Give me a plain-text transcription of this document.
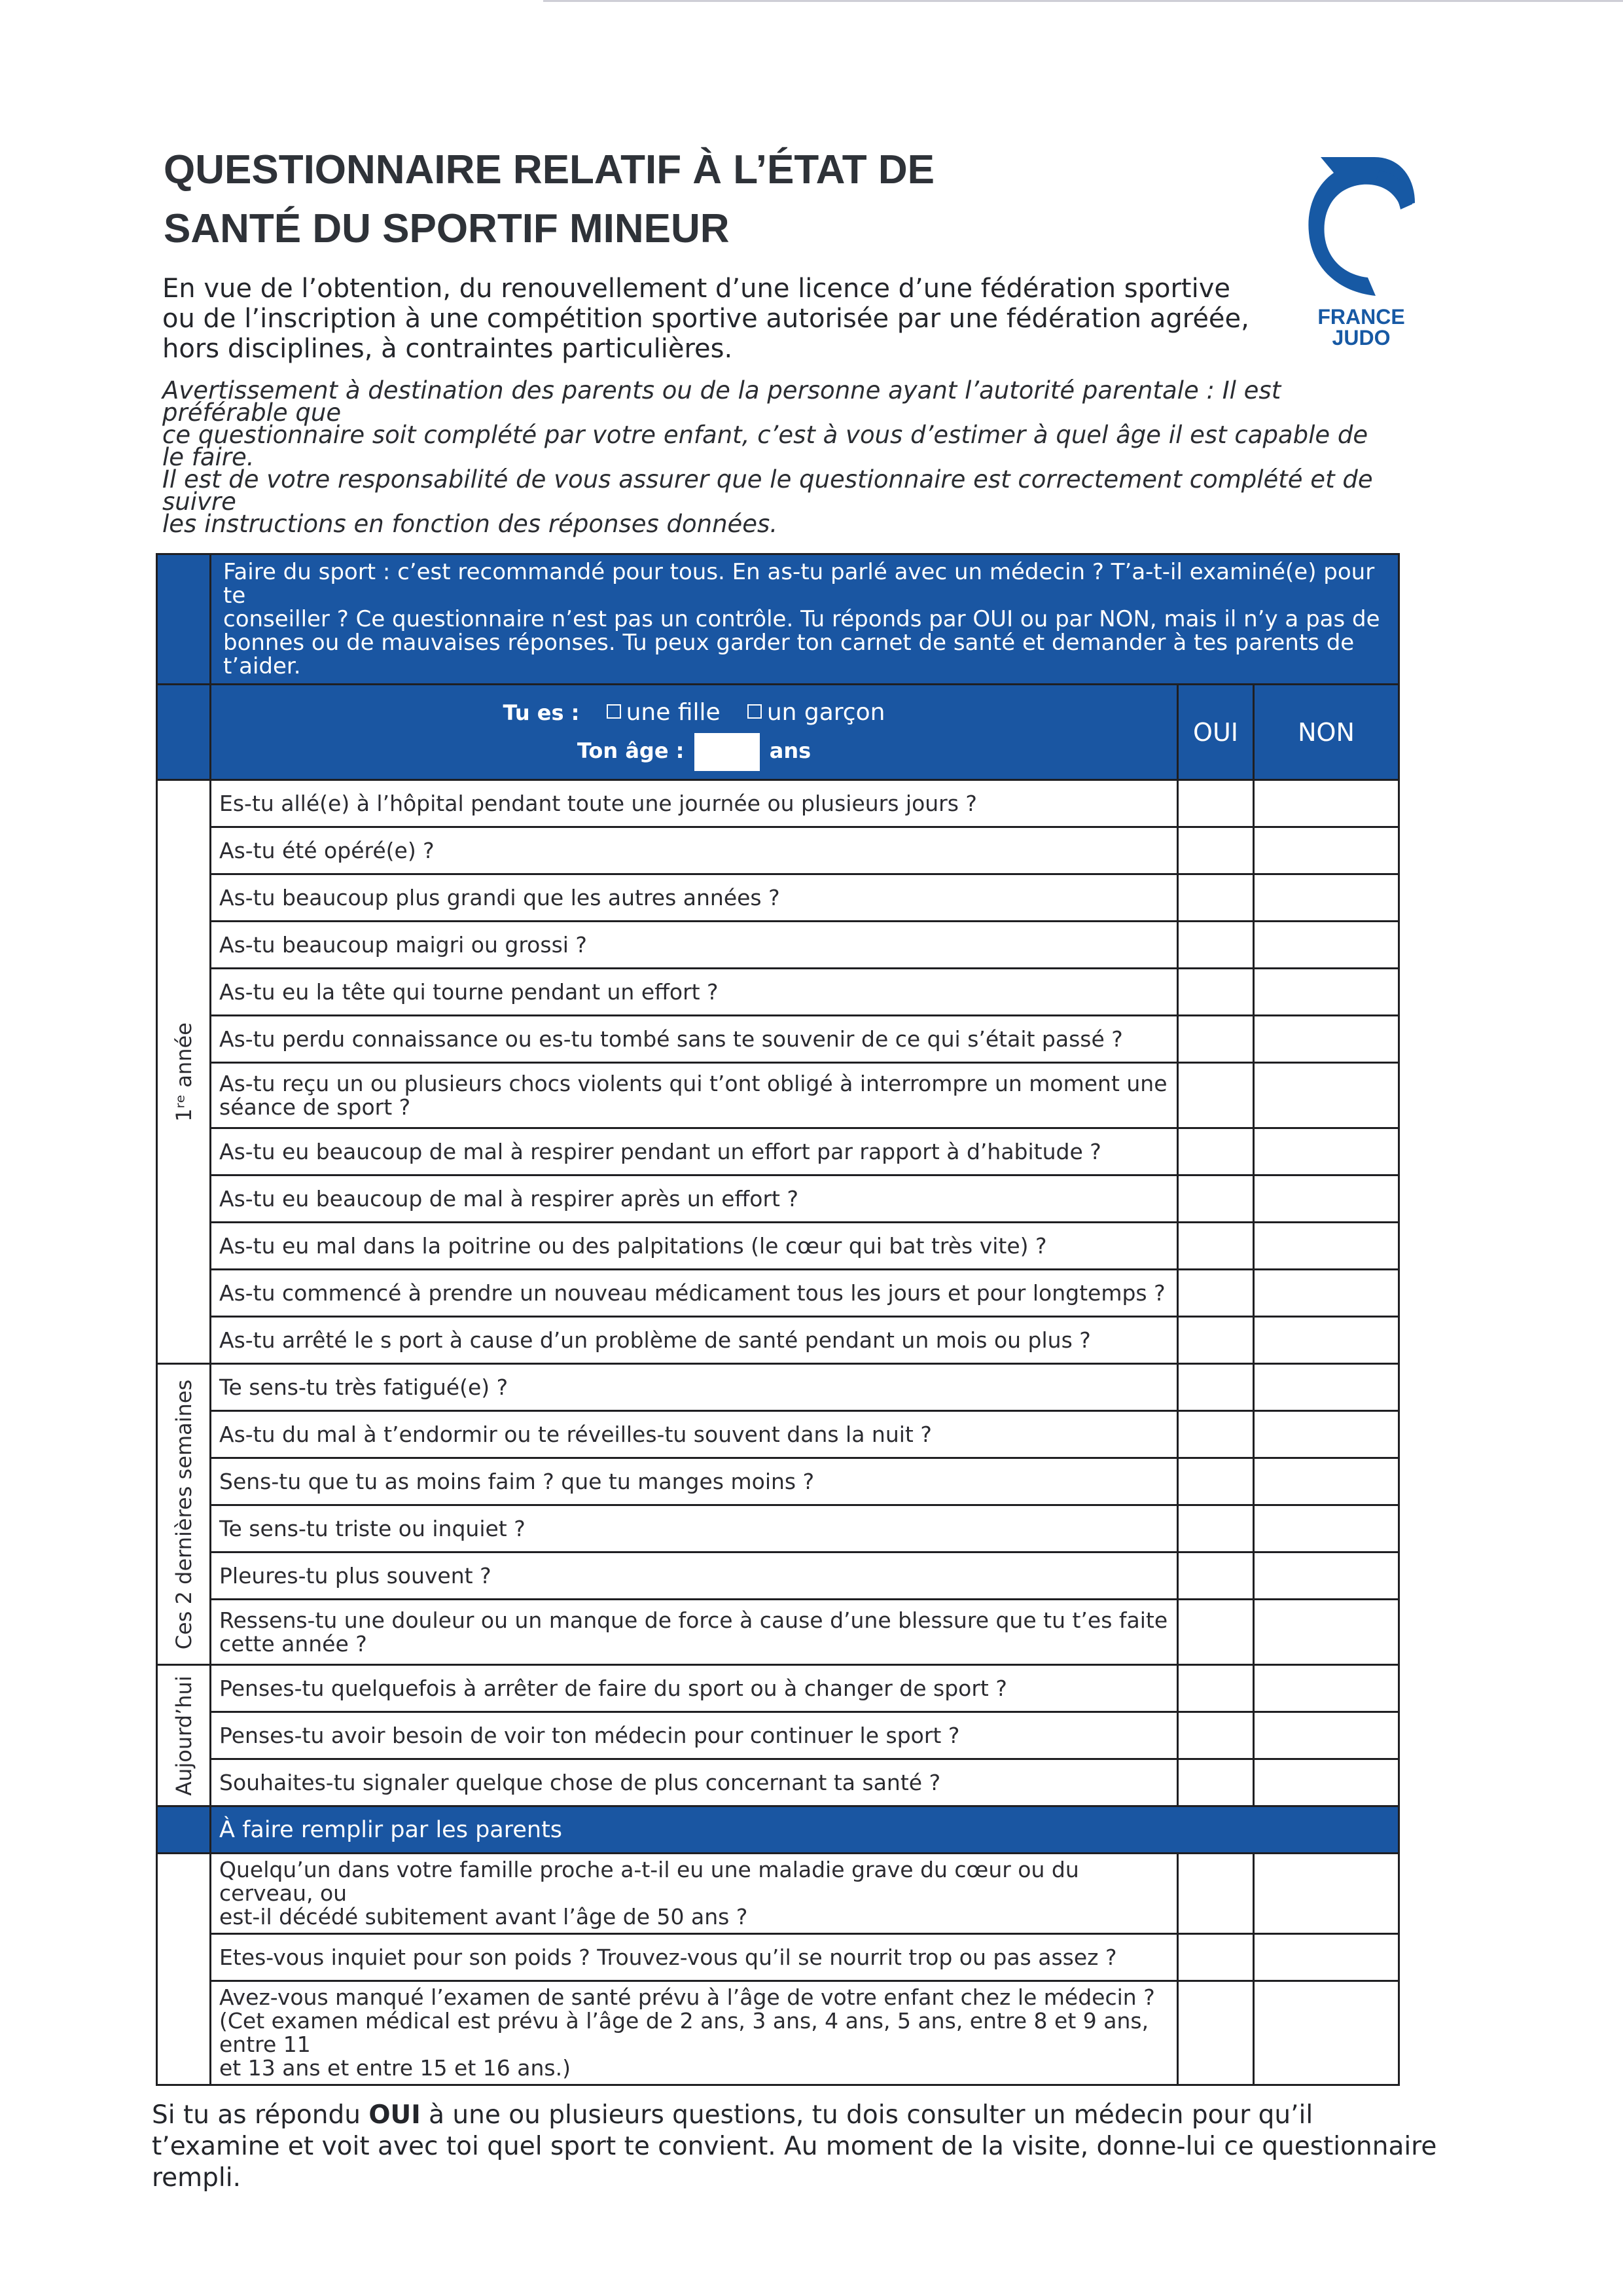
QUESTIONNAIRE RELATIF À L’ÉTAT DE
SANTÉ DU SPORTIF MINEUR
FRANCE
JUDO

En vue de l’obtention, du renouvellement d’une licence d’une fédération sportive
ou de l’inscription à une compétition sportive autorisée par une fédération agréée,
hors disciplines, à contraintes particulières.

Avertissement à destination des parents ou de la personne ayant l’autorité parentale : Il est préférable que
ce questionnaire soit complété par votre enfant, c’est à vous d’estimer à quel âge il est capable de le faire.
Il est de votre responsabilité de vous assurer que le questionnaire est correctement complété et de suivre
les instructions en fonction des réponses données.

	Faire du sport : c’est recommandé pour tous. En as-tu parlé avec un médecin ? T’a-t-il examiné(e) pour te
conseiller ? Ce questionnaire n’est pas un contrôle. Tu réponds par OUI ou par NON, mais il n’y a pas de
bonnes ou de mauvaises réponses. Tu peux garder ton carnet de santé et demander à tes parents de t’aider.		

	Tu es : une fille un garçon
Ton âge : ans	OUI	NON

1ʳᵉ année	Es-tu allé(e) à l’hôpital pendant toute une journée ou plusieurs jours ?		
	As-tu été opéré(e) ?		
	As-tu beaucoup plus grandi que les autres années ?		
	As-tu beaucoup maigri ou grossi ?		
	As-tu eu la tête qui tourne pendant un effort ?		
	As-tu perdu connaissance ou es-tu tombé sans te souvenir de ce qui s’était passé ?		

	As-tu reçu un ou plusieurs chocs violents qui t’ont obligé à interrompre un moment une
séance de sport ?		

	As-tu eu beaucoup de mal à respirer pendant un effort par rapport à d’habitude ?		
	As-tu eu beaucoup de mal à respirer après un effort ?		
	As-tu eu mal dans la poitrine ou des palpitations (le cœur qui bat très vite) ?		
	As-tu commencé à prendre un nouveau médicament tous les jours et pour longtemps ?		
	As-tu arrêté le s port à cause d’un problème de santé pendant un mois ou plus ?		

Ces 2 dernières semaines	Te sens-tu très fatigué(e) ?		
	As-tu du mal à t’endormir ou te réveilles-tu souvent dans la nuit ?		
	Sens-tu que tu as moins faim ? que tu manges moins ?		
	Te sens-tu triste ou inquiet ?		
	Pleures-tu plus souvent ?		

	Ressens-tu une douleur ou un manque de force à cause d’une blessure que tu t’es faite
cette année ?		

Aujourd’hui	Penses-tu quelquefois à arrêter de faire du sport ou à changer de sport ?		
	Penses-tu avoir besoin de voir ton médecin pour continuer le sport ?		
	Souhaites-tu signaler quelque chose de plus concernant ta santé ?		
	À faire remplir par les parents		

	Quelqu’un dans votre famille proche a-t-il eu une maladie grave du cœur ou du cerveau, ou
est-il décédé subitement avant l’âge de 50 ans ?		

	Etes-vous inquiet pour son poids ? Trouvez-vous qu’il se nourrit trop ou pas assez ?		

	Avez-vous manqué l’examen de santé prévu à l’âge de votre enfant chez le médecin ?
(Cet examen médical est prévu à l’âge de 2 ans, 3 ans, 4 ans, 5 ans, entre 8 et 9 ans, entre 11
et 13 ans et entre 15 et 16 ans.)		

Si tu as répondu OUI à une ou plusieurs questions, tu dois consulter un médecin pour qu’il t’examine et voit avec toi quel sport te convient. Au moment de la visite, donne-lui ce questionnaire rempli.
